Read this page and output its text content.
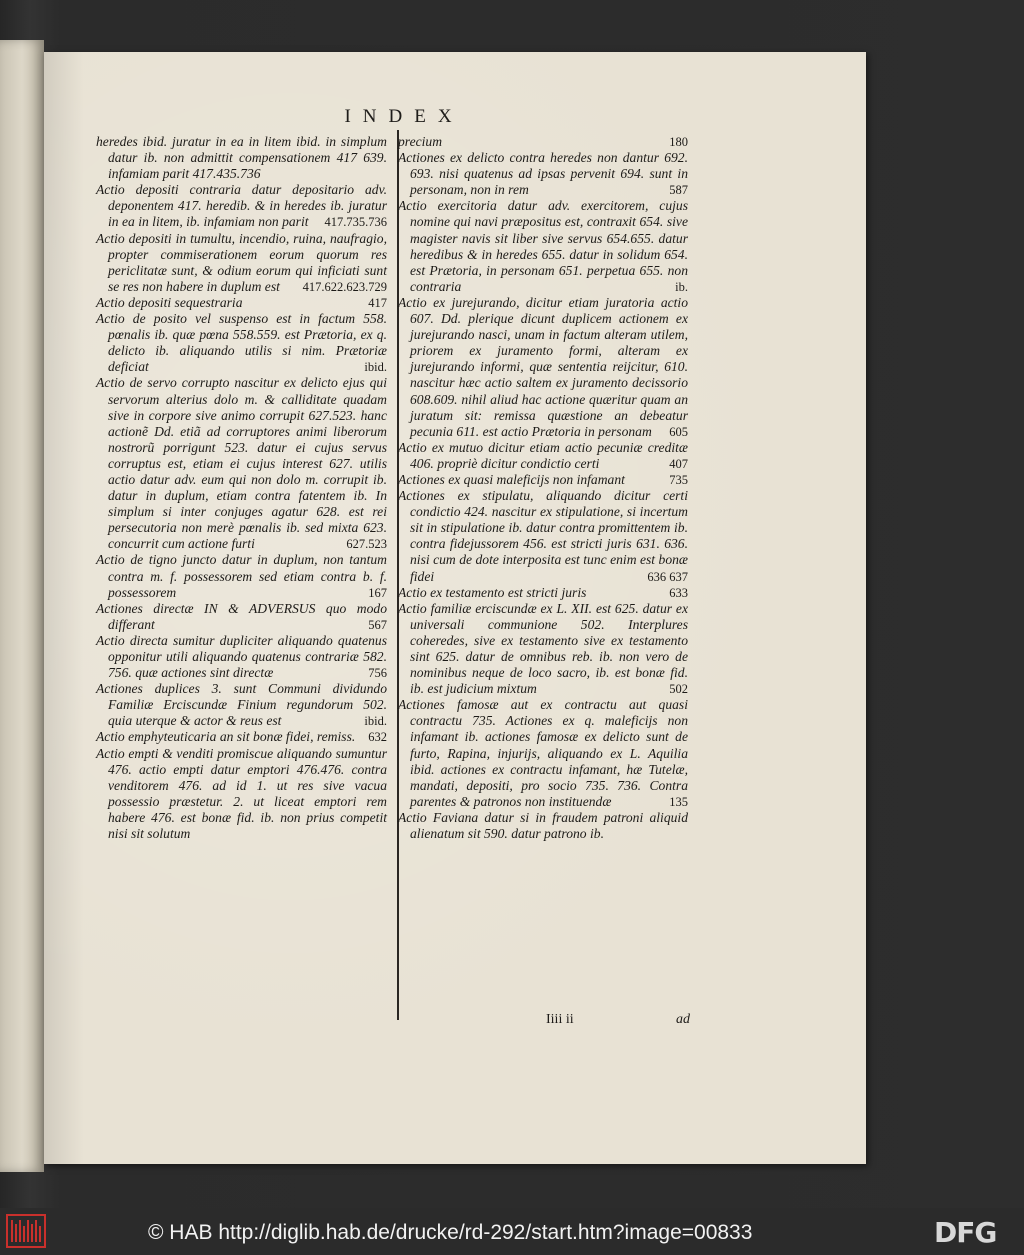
INDEX

heredes ibid. juratur in ea in litem ibid. in simplum datur ib. non admittit compensationem 417 639. infamiam parit 417.435.736

Actio depositi contraria datur depositario adv. deponentem 417. heredib. & in heredes ib. juratur in ea in litem, ib. infamiam non parit 417.735.736

Actio depositi in tumultu, incendio, ruina, naufragio, propter commiserationem eorum quorum res periclitatæ sunt, & odium eorum qui inficiati sunt se res non habere in duplum est 417.622.623.729

Actio depositi sequestraria	417

Actio de posito vel suspenso est in factum 558. pœnalis ib. quæ pœna 558.559. est Prætoria, ex q. delicto ib. aliquando utilis si nim. Prætoriæ deficiat	ibid.

Actio de servo corrupto nascitur ex delicto ejus qui servorum alterius dolo m. & calliditate quadam sive in corpore sive animo corrupit 627.523. hanc actionẽ Dd. etiã ad corruptores animi liberorum nostrorũ porrigunt 523. datur ei cujus servus corruptus est, etiam ei cujus interest 627. utilis actio datur adv. eum qui non dolo m. corrupit ib. datur in duplum, etiam contra fatentem ib. In simplum si inter conjuges agatur 628. est rei persecutoria non merè pœnalis ib. sed mixta 623. concurrit cum actione furti	627.523

Actio de tigno juncto datur in duplum, non tantum contra m. f. possessorem sed etiam contra b. f. possessorem	167

Actiones directæ IN & ADVERSUS quo modo differant	567

Actio directa sumitur dupliciter aliquando quatenus opponitur utili aliquando quatenus contrariæ 582. 756. quæ actiones sint directæ	756

Actiones duplices 3. sunt Communi dividundo Familiæ Erciscundæ Finium regundorum 502. quia uterque & actor & reus est	ibid.

Actio emphyteuticaria an sit bonæ fidei, remiss. 632

Actio empti & venditi promiscue aliquando sumuntur 476. actio empti datur emptori 476.476. contra venditorem 476. ad id 1. ut res sive vacua possessio præstetur. 2. ut liceat emptori rem habere 476. est bonæ fid. ib. non prius competit nisi sit solutum

precium	180

Actiones ex delicto contra heredes non dantur 692. 693. nisi quatenus ad ipsas pervenit 694. sunt in personam, non in rem	587

Actio exercitoria datur adv. exercitorem, cujus nomine qui navi præpositus est, contraxit 654. sive magister navis sit liber sive servus 654.655. datur heredibus & in heredes 655. datur in solidum 654. est Prætoria, in personam 651. perpetua 655. non contraria	ib.

Actio ex jurejurando, dicitur etiam juratoria actio 607. Dd. plerique dicunt duplicem actionem ex jurejurando nasci, unam in factum alteram utilem, priorem ex juramento formi, alteram ex jurejurando informi, quæ sententia reijcitur, 610. nascitur hæc actio saltem ex juramento decissorio 608.609. nihil aliud hac actione quæritur quam an juratum sit: remissa quæstione an debeatur pecunia 611. est actio Prætoria in personam 605

Actio ex mutuo dicitur etiam actio pecuniæ creditæ 406. propriè dicitur condictio certi	407

Actiones ex quasi maleficijs non infamant	735

Actiones ex stipulatu, aliquando dicitur certi condictio 424. nascitur ex stipulatione, si incertum sit in stipulatione ib. datur contra promittentem ib. contra fidejussorem 456. est stricti juris 631. 636. nisi cum de dote interposita est tunc enim est bonæ fidei	636 637

Actio ex testamento est stricti juris	633

Actio familiæ erciscundæ ex L. XII. est 625. datur ex universali communione 502. Interplures coheredes, sive ex testamento sive ex testamento sint 625. datur de omnibus reb. ib. non vero de nominibus neque de loco sacro, ib. est bonæ fid. ib. est judicium mixtum	502

Actiones famosæ aut ex contractu aut quasi contractu 735. Actiones ex q. maleficijs non infamant ib. actiones famosæ ex delicto sunt de furto, Rapina, injurijs, aliquando ex L. Aquilia ibid. actiones ex contractu infamant, hæ Tutelæ, mandati, depositi, pro socio 735. 736. Contra parentes & patronos non instituendæ	135

Actio Faviana datur si in fraudem patroni aliquid alienatum sit 590. datur patrono ib.

Iiii ii	ad
© HAB http://diglib.hab.de/drucke/rd-292/start.htm?image=00833	DFG
